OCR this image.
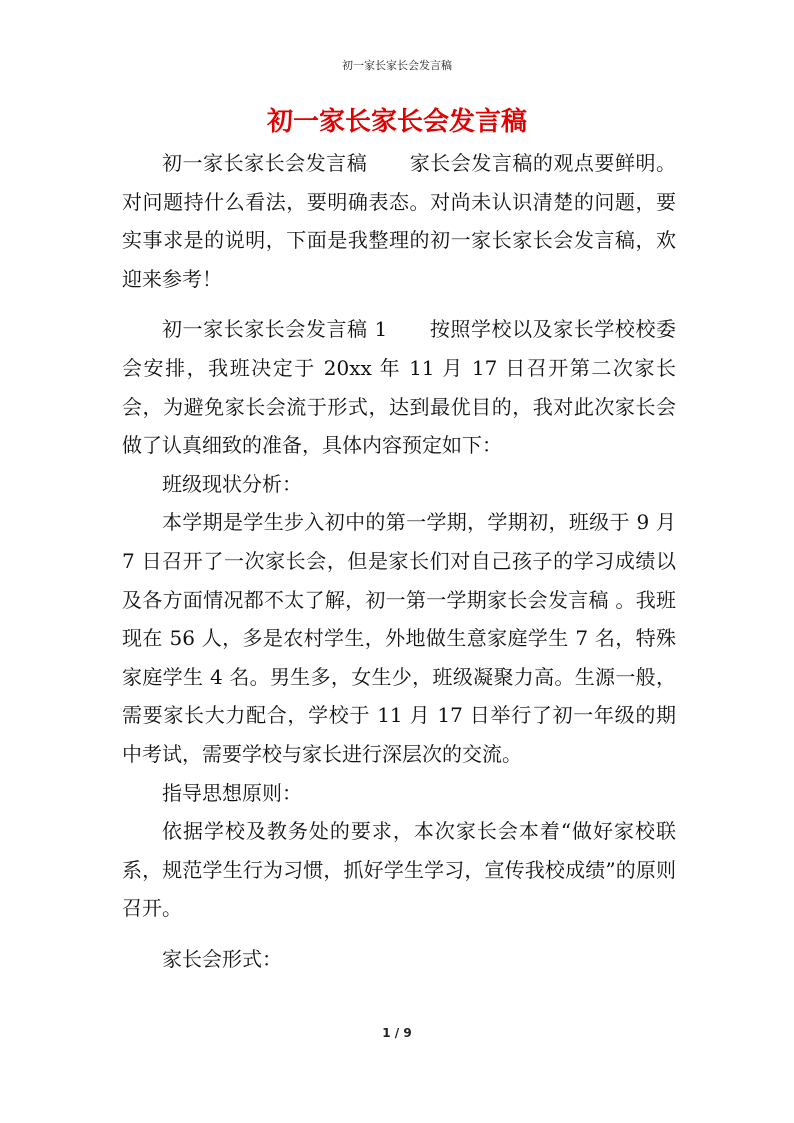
初一家长家长会发言稿
初一家长家长会发言稿

初一家长家长会发言稿 家长会发言稿的观点要鲜明。对问题持什么看法，要明确表态。对尚未认识清楚的问题，要实事求是的说明，下面是我整理的初一家长家长会发言稿，欢迎来参考！

初一家长家长会发言稿 1 按照学校以及家长学校校委会安排，我班决定于 20xx 年 11 月 17 日召开第二次家长会，为避免家长会流于形式，达到最优目的，我对此次家长会做了认真细致的准备，具体内容预定如下：

班级现状分析：

本学期是学生步入初中的第一学期，学期初，班级于 9 月 7 日召开了一次家长会，但是家长们对自己孩子的学习成绩以及各方面情况都不太了解，初一第一学期家长会发言稿 。我班现在 56 人，多是农村学生，外地做生意家庭学生 7 名，特殊家庭学生 4 名。男生多，女生少，班级凝聚力高。生源一般，需要家长大力配合，学校于 11 月 17 日举行了初一年级的期中考试，需要学校与家长进行深层次的交流。

指导思想原则：

依据学校及教务处的要求，本次家长会本着“做好家校联系，规范学生行为习惯，抓好学生学习，宣传我校成绩”的原则召开。

家长会形式：

1 / 9
